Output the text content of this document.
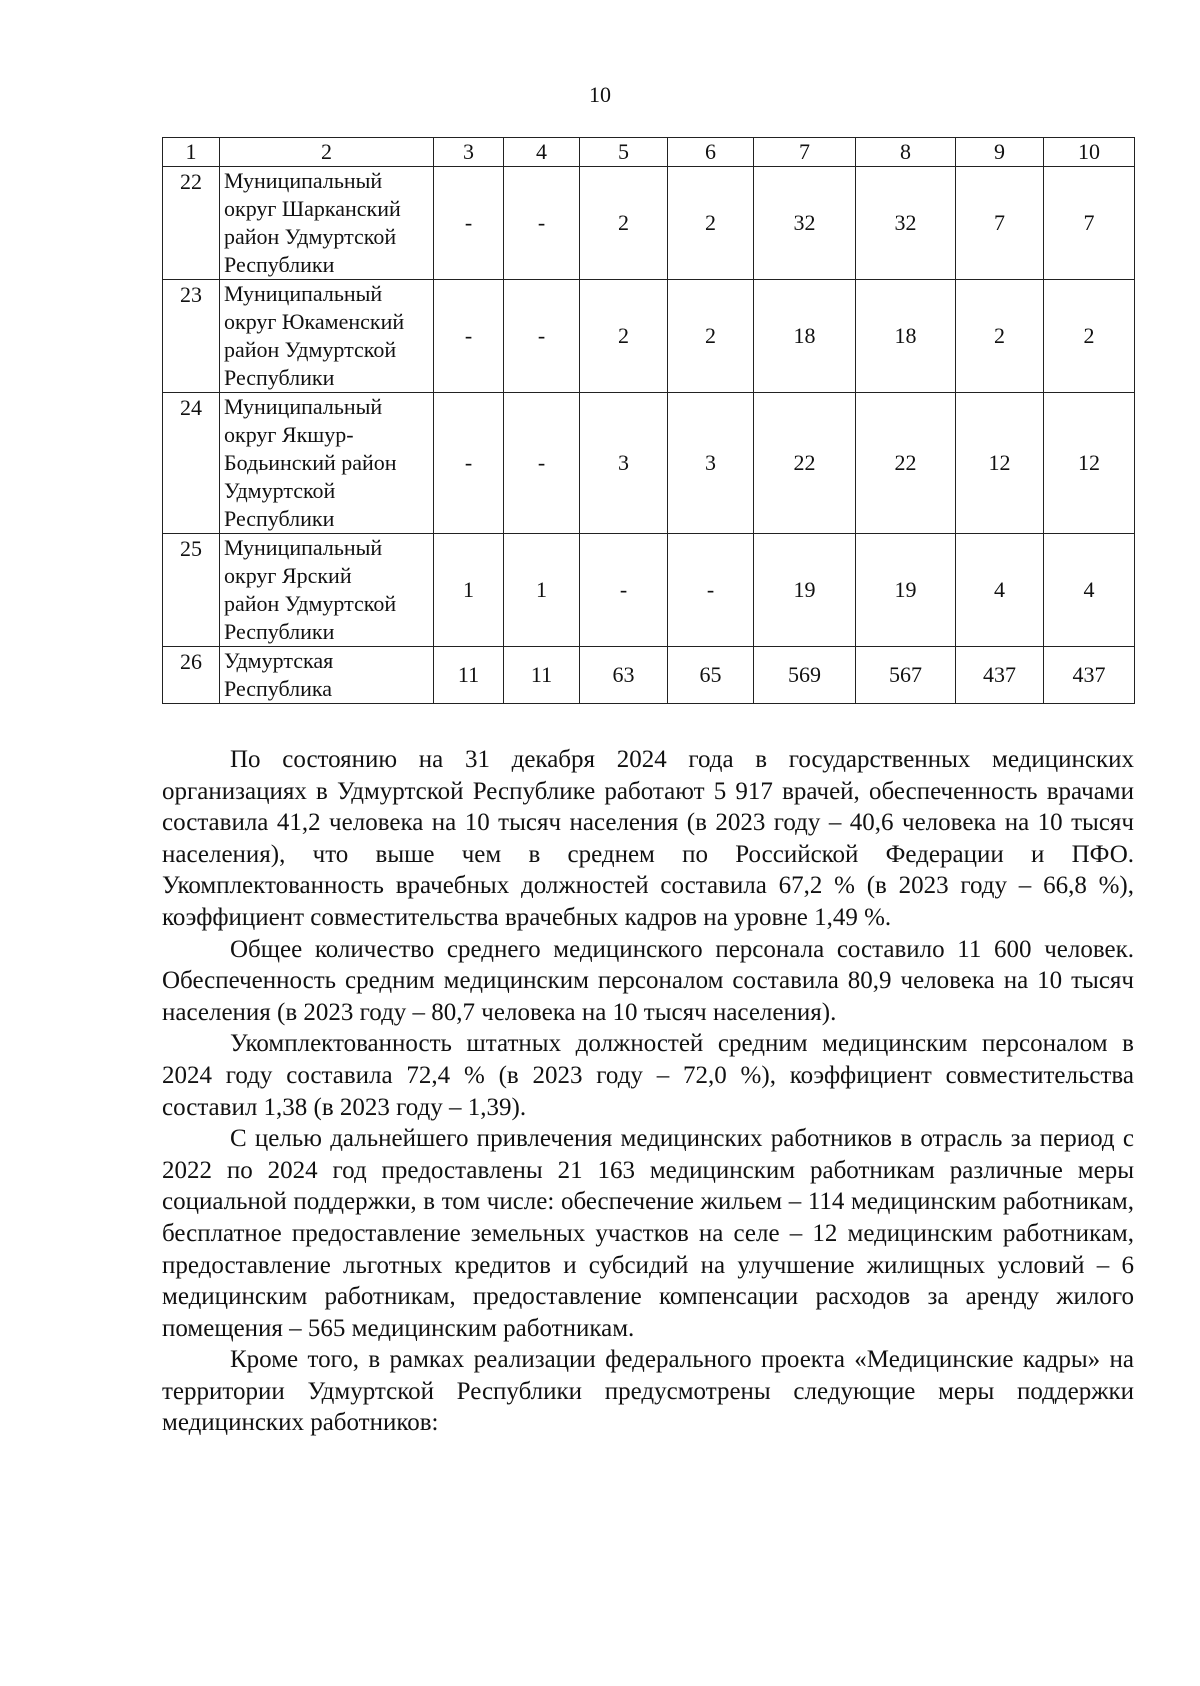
10
1	2	3	4	5	6	7	8	9	10
22	Муниципальный
округ Шарканский
район Удмуртской
Республики	-	-	2	2	32	32	7	7
23	Муниципальный
округ Юкаменский
район Удмуртской
Республики	-	-	2	2	18	18	2	2
24	Муниципальный
округ Якшур-
Бодьинский район
Удмуртской
Республики	-	-	3	3	22	22	12	12
25	Муниципальный
округ Ярский
район Удмуртской
Республики	1	1	-	-	19	19	4	4
26	Удмуртская
Республика	11	11	63	65	569	567	437	437

По состоянию на 31 декабря 2024 года в государственных медицинских организациях в Удмуртской Республике работают 5 917 врачей, обеспеченность врачами составила 41,2 человека на 10 тысяч населения (в 2023 году – 40,6 человека на 10 тысяч населения), что выше чем в среднем по Российской Федерации и ПФО. Укомплектованность врачебных должностей составила 67,2 % (в 2023 году – 66,8 %), коэффициент совместительства врачебных кадров на уровне 1,49 %.

Общее количество среднего медицинского персонала составило 11 600 человек. Обеспеченность средним медицинским персоналом составила 80,9 человека на 10 тысяч населения (в 2023 году – 80,7 человека на 10 тысяч населения).

Укомплектованность штатных должностей средним медицинским персоналом в 2024 году составила 72,4 % (в 2023 году – 72,0 %), коэффициент совместительства составил 1,38 (в 2023 году – 1,39).

С целью дальнейшего привлечения медицинских работников в отрасль за период с 2022 по 2024 год предоставлены 21 163 медицинским работникам различные меры социальной поддержки, в том числе: обеспечение жильем – 114 медицинским работникам, бесплатное предоставление земельных участков на селе – 12 медицинским работникам, предоставление льготных кредитов и субсидий на улучшение жилищных условий – 6 медицинским работникам, предоставление компенсации расходов за аренду жилого помещения – 565 медицинским работникам.

Кроме того, в рамках реализации федерального проекта «Медицинские кадры» на территории Удмуртской Республики предусмотрены следующие меры поддержки медицинских работников:
